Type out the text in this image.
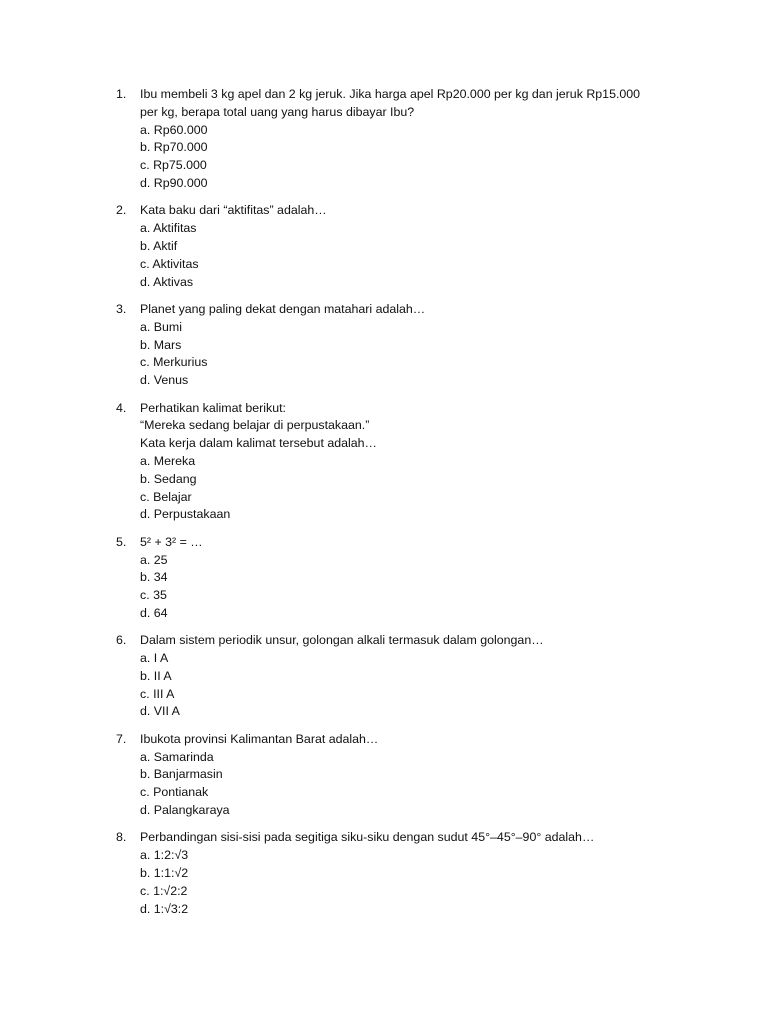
1.	Ibu membeli 3 kg apel dan 2 kg jeruk. Jika harga apel Rp20.000 per kg dan jeruk Rp15.000
per kg, berapa total uang yang harus dibayar Ibu?
a. Rp60.000
b. Rp70.000
c. Rp75.000
d. Rp90.000
2.	Kata baku dari “aktifitas” adalah…
a. Aktifitas
b. Aktif
c. Aktivitas
d. Aktivas
3.	Planet yang paling dekat dengan matahari adalah…
a. Bumi
b. Mars
c. Merkurius
d. Venus
4.	Perhatikan kalimat berikut:
“Mereka sedang belajar di perpustakaan.”
Kata kerja dalam kalimat tersebut adalah…
a. Mereka
b. Sedang
c. Belajar
d. Perpustakaan
5.	5² + 3² = …
a. 25
b. 34
c. 35
d. 64
6.	Dalam sistem periodik unsur, golongan alkali termasuk dalam golongan…
a. I A
b. II A
c. III A
d. VII A
7.	Ibukota provinsi Kalimantan Barat adalah…
a. Samarinda
b. Banjarmasin
c. Pontianak
d. Palangkaraya
8.	Perbandingan sisi-sisi pada segitiga siku-siku dengan sudut 45°–45°–90° adalah…
a. 1:2:√3
b. 1:1:√2
c. 1:√2:2
d. 1:√3:2
